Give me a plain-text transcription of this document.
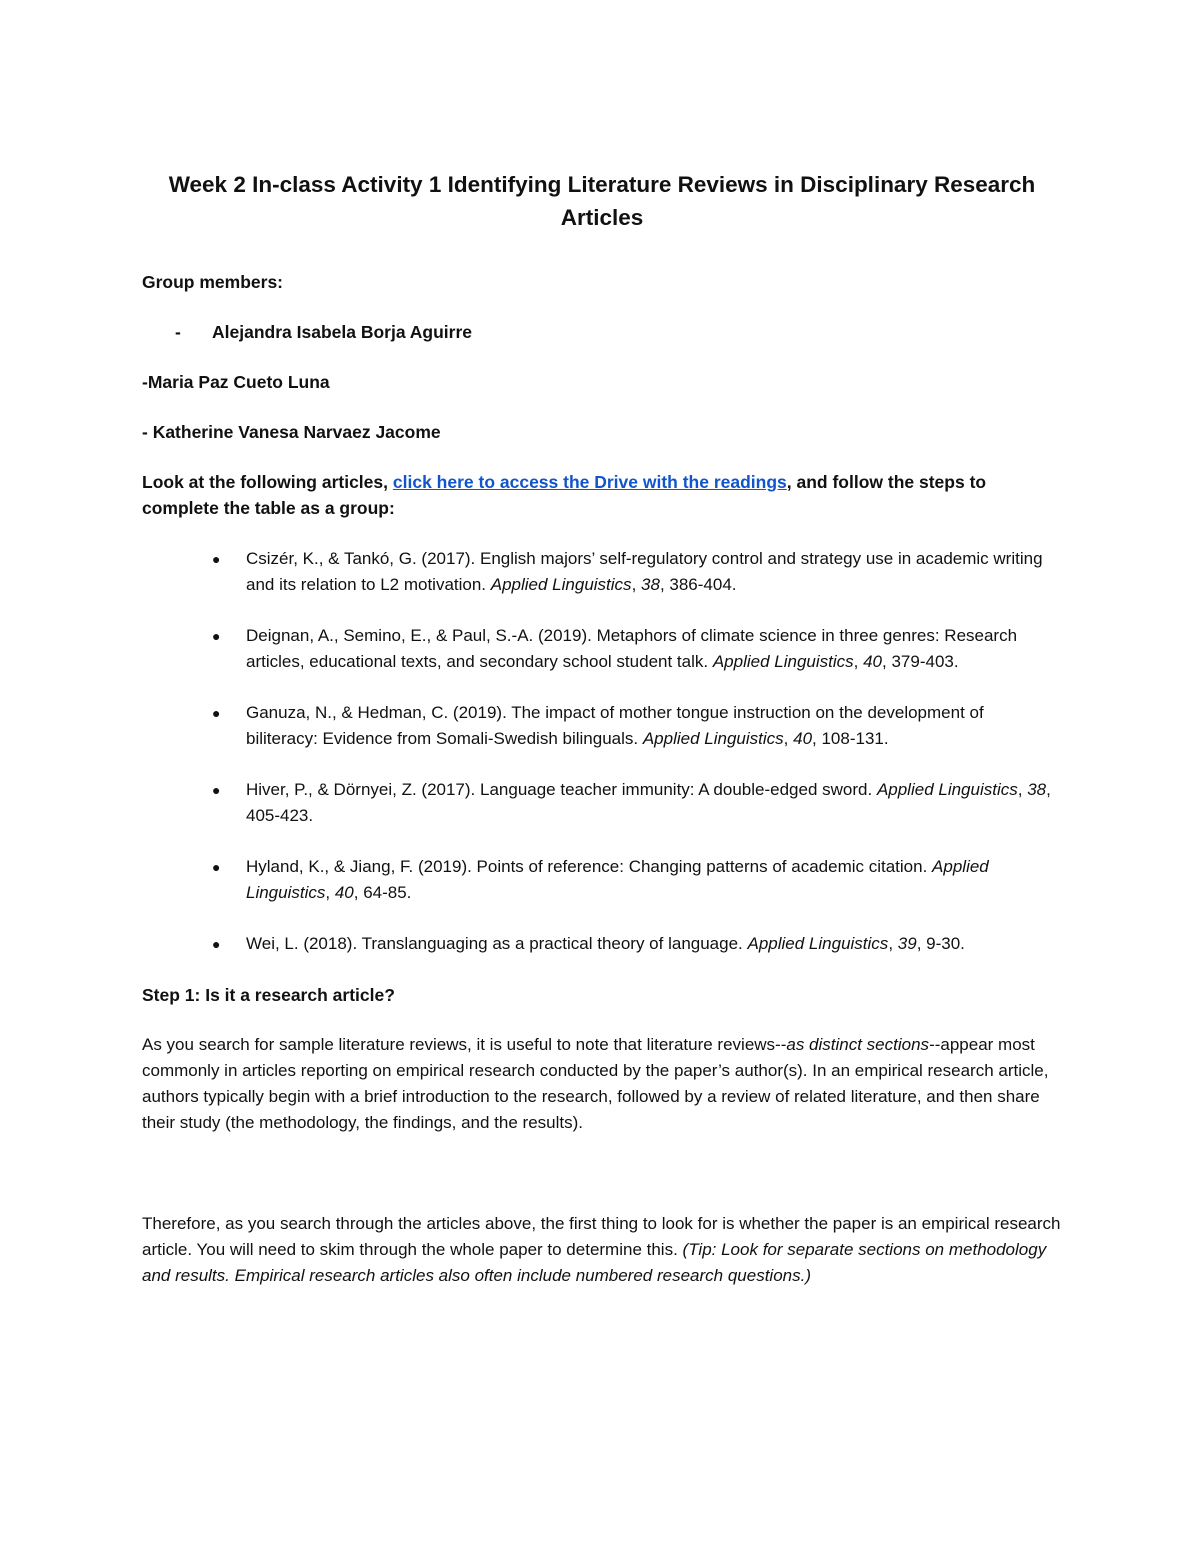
Week 2 In-class Activity 1 Identifying Literature Reviews in Disciplinary Research Articles

Group members:

-	Alejandra Isabela Borja Aguirre

-Maria Paz Cueto Luna

- Katherine Vanesa Narvaez Jacome

Look at the following articles, click here to access the Drive with the readings, and follow the steps to complete the table as a group:

●	Csizér, K., & Tankó, G. (2017). English majors’ self-regulatory control and strategy use in academic writing and its relation to L2 motivation. Applied Linguistics, 38, 386-404.
●	Deignan, A., Semino, E., & Paul, S.-A. (2019). Metaphors of climate science in three genres: Research articles, educational texts, and secondary school student talk. Applied Linguistics, 40, 379-403.
●	Ganuza, N., & Hedman, C. (2019). The impact of mother tongue instruction on the development of biliteracy: Evidence from Somali-Swedish bilinguals. Applied Linguistics, 40, 108-131.
●	Hiver, P., & Dörnyei, Z. (2017). Language teacher immunity: A double-edged sword. Applied Linguistics, 38, 405-423.
●	Hyland, K., & Jiang, F. (2019). Points of reference: Changing patterns of academic citation. Applied Linguistics, 40, 64-85.
●	Wei, L. (2018). Translanguaging as a practical theory of language. Applied Linguistics, 39, 9-30.

Step 1: Is it a research article?

As you search for sample literature reviews, it is useful to note that literature reviews--as distinct sections--appear most commonly in articles reporting on empirical research conducted by the paper’s author(s). In an empirical research article, authors typically begin with a brief introduction to the research, followed by a review of related literature, and then share their study (the methodology, the findings, and the results).

Therefore, as you search through the articles above, the first thing to look for is whether the paper is an empirical research article. You will need to skim through the whole paper to determine this. (Tip: Look for separate sections on methodology and results. Empirical research articles also often include numbered research questions.)
